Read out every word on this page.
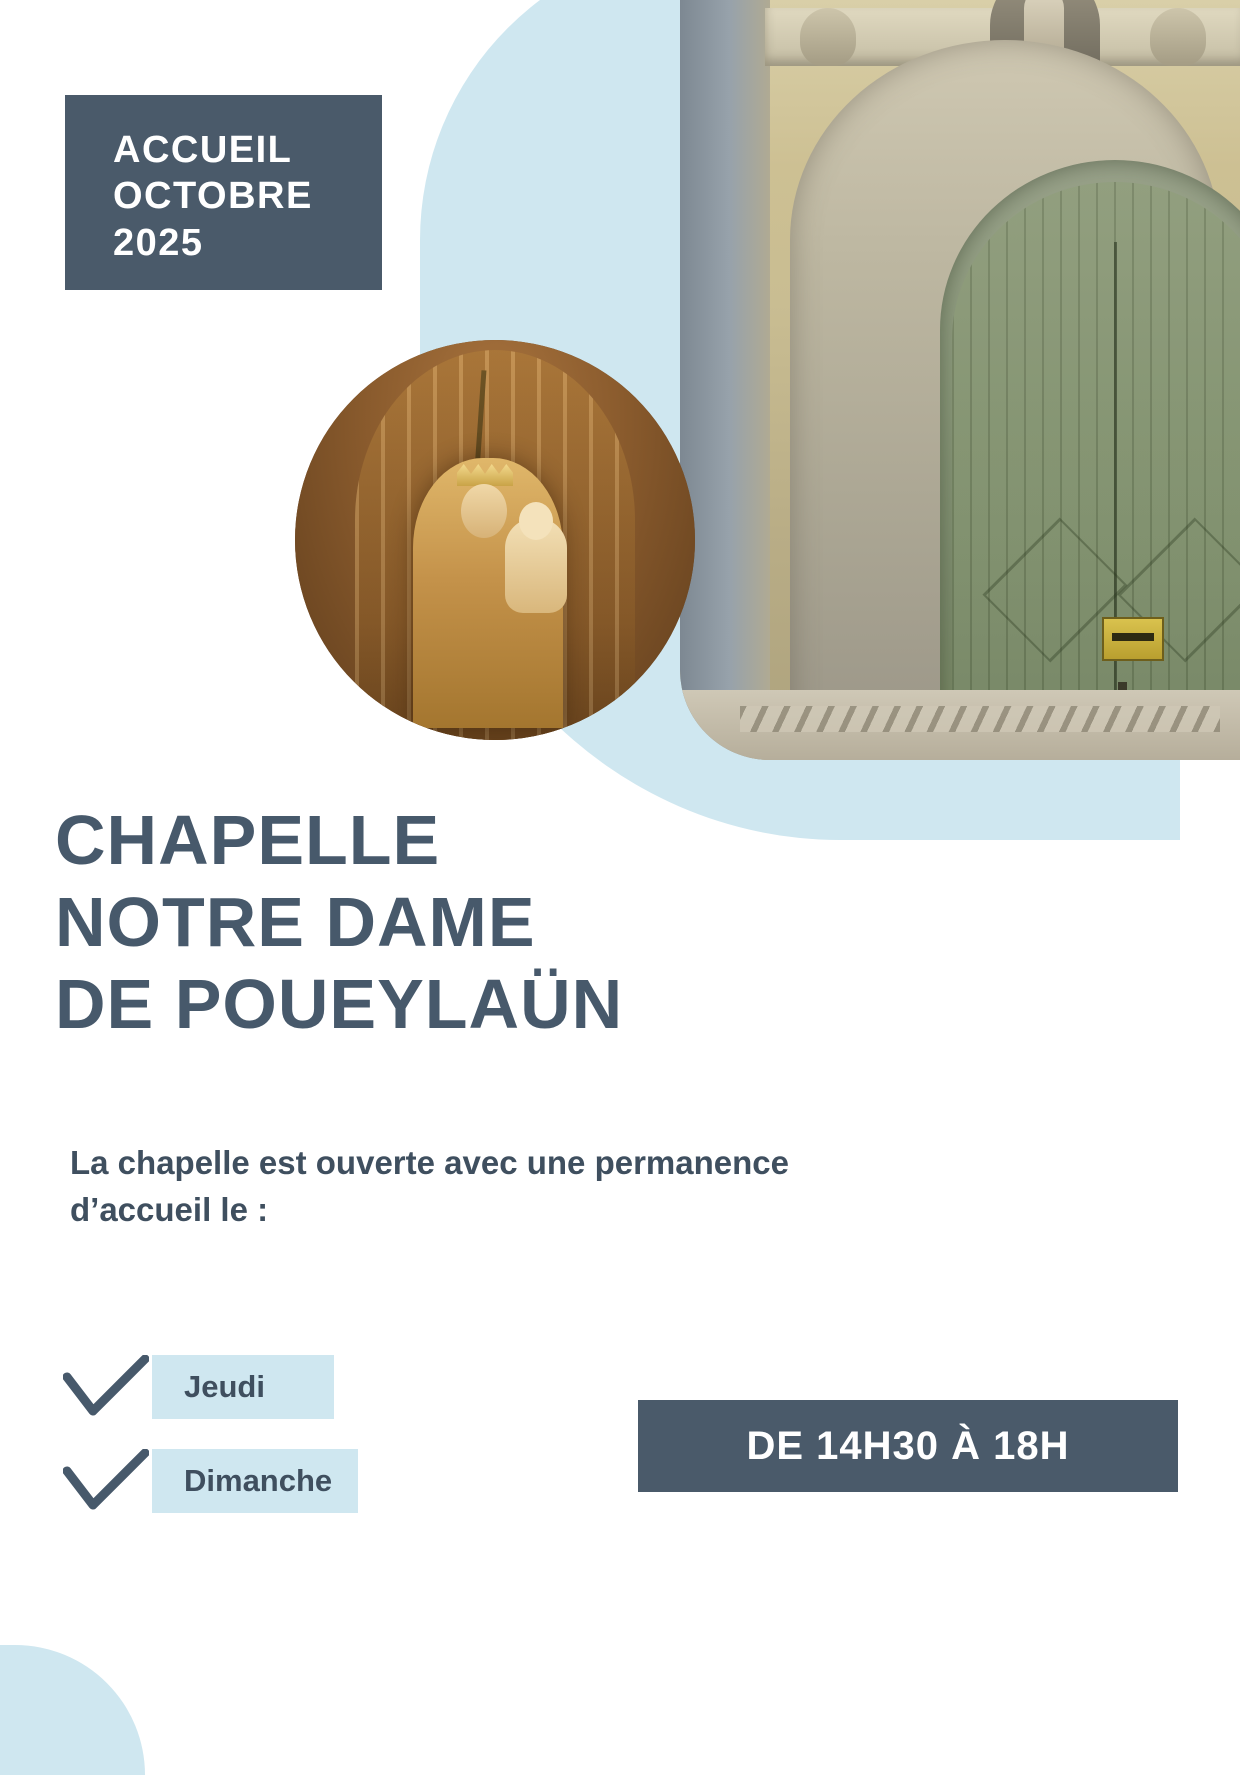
ACCUEIL
OCTOBRE
2025
CHAPELLE
NOTRE DAME
DE POUEYLAÜN
La chapelle est ouverte avec une permanence d’accueil le :
Jeudi
Dimanche
DE 14H30 À 18H
